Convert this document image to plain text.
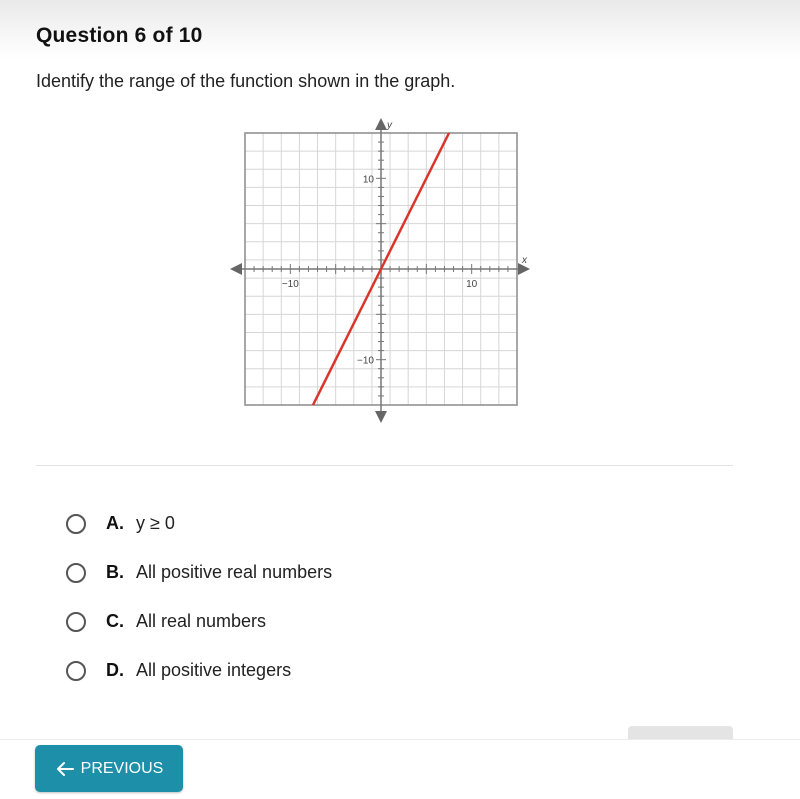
Question 6 of 10
Identify the range of the function shown in the graph.
x
y
−10	10
10
−10
A. y ≥ 0
B. All positive real numbers
C. All real numbers
D. All positive integers
PREVIOUS
